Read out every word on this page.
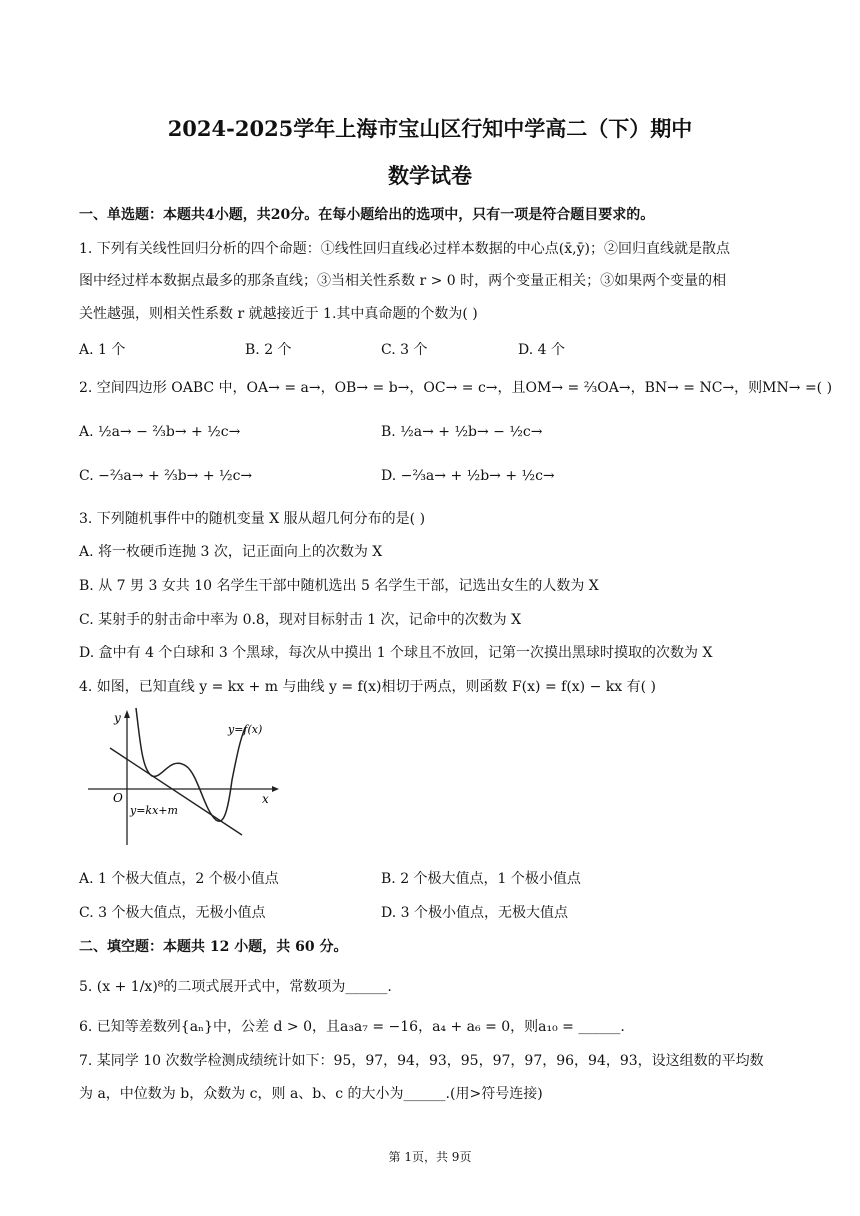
2024-2025学年上海市宝山区行知中学高二（下）期中
数学试卷
一、单选题：本题共4小题，共20分。在每小题给出的选项中，只有一项是符合题目要求的。
1. 下列有关线性回归分析的四个命题：①线性回归直线必过样本数据的中心点(x̄,ȳ)；②回归直线就是散点
图中经过样本数据点最多的那条直线；③当相关性系数 r > 0 时，两个变量正相关；③如果两个变量的相
关性越强，则相关性系数 r 就越接近于 1.其中真命题的个数为( )
A. 1 个	B. 2 个	C. 3 个	D. 4 个
2. 空间四边形 OABC 中，OA→ = a→，OB→ = b→，OC→ = c→，且OM→ = ⅔OA→，BN→ = NC→，则MN→ =( )
A. ½a→ − ⅔b→ + ½c→	B. ½a→ + ½b→ − ½c→
C. −⅔a→ + ⅔b→ + ½c→	D. −⅔a→ + ½b→ + ½c→
3. 下列随机事件中的随机变量 X 服从超几何分布的是( )
A. 将一枚硬币连抛 3 次，记正面向上的次数为 X
B. 从 7 男 3 女共 10 名学生干部中随机选出 5 名学生干部，记选出女生的人数为 X
C. 某射手的射击命中率为 0.8，现对目标射击 1 次，记命中的次数为 X
D. 盒中有 4 个白球和 3 个黑球，每次从中摸出 1 个球且不放回，记第一次摸出黑球时摸取的次数为 X
4. 如图，已知直线 y = kx + m 与曲线 y = f(x)相切于两点，则函数 F(x) = f(x) − kx 有( )
y
x
O
y=f(x)
y=kx+m
A. 1 个极大值点，2 个极小值点	B. 2 个极大值点，1 个极小值点
C. 3 个极大值点，无极小值点	D. 3 个极小值点，无极大值点
二、填空题：本题共 12 小题，共 60 分。
5. (x + 1/x)⁸的二项式展开式中，常数项为______.
6. 已知等差数列{aₙ}中，公差 d > 0，且a₃a₇ = −16，a₄ + a₆ = 0，则a₁₀ = ______.
7. 某同学 10 次数学检测成绩统计如下：95，97，94，93，95，97，97，96，94，93，设这组数的平均数
为 a，中位数为 b，众数为 c，则 a、b、c 的大小为______.(用>符号连接)
第 1页，共 9页
